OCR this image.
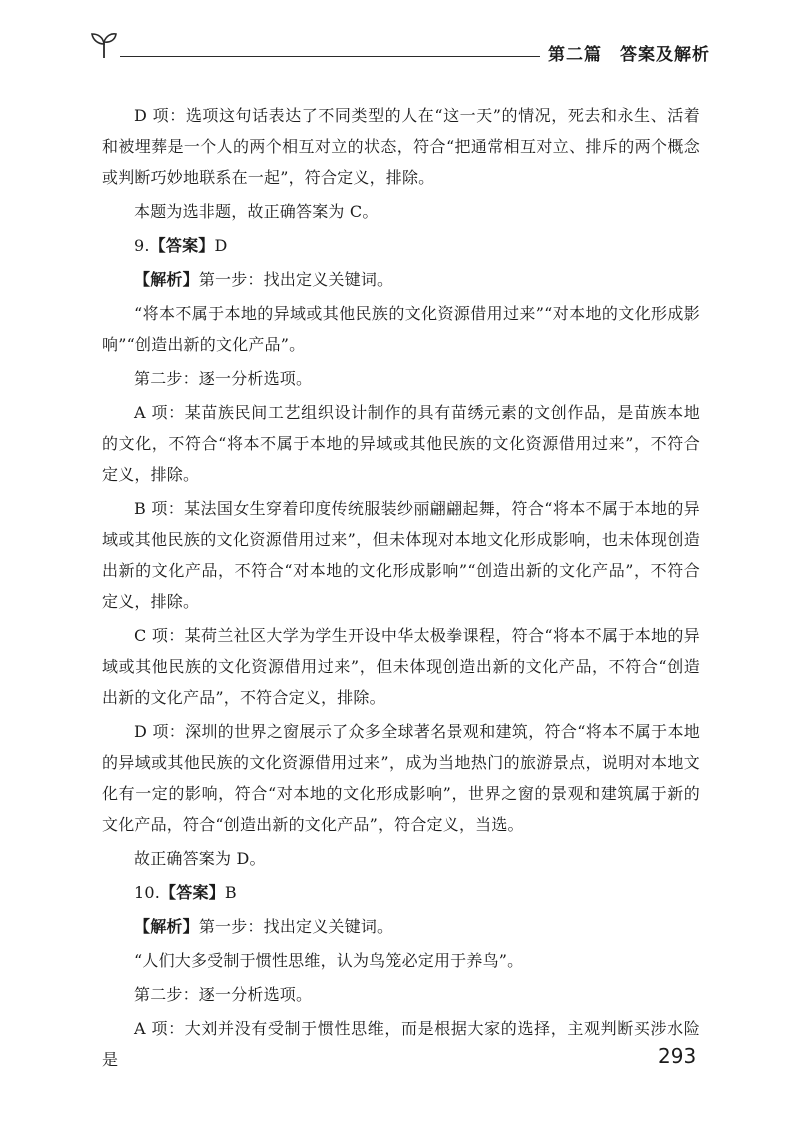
第二篇　答案及解析

D 项：选项这句话表达了不同类型的人在“这一天”的情况，死去和永生、活着和被埋葬是一个人的两个相互对立的状态，符合“把通常相互对立、排斥的两个概念或判断巧妙地联系在一起”，符合定义，排除。

本题为选非题，故正确答案为 C。

9.【答案】D

【解析】第一步：找出定义关键词。

“将本不属于本地的异域或其他民族的文化资源借用过来”“对本地的文化形成影响”“创造出新的文化产品”。

第二步：逐一分析选项。

A 项：某苗族民间工艺组织设计制作的具有苗绣元素的文创作品，是苗族本地的文化，不符合“将本不属于本地的异域或其他民族的文化资源借用过来”，不符合定义，排除。

B 项：某法国女生穿着印度传统服装纱丽翩翩起舞，符合“将本不属于本地的异域或其他民族的文化资源借用过来”，但未体现对本地文化形成影响，也未体现创造出新的文化产品，不符合“对本地的文化形成影响”“创造出新的文化产品”，不符合定义，排除。

C 项：某荷兰社区大学为学生开设中华太极拳课程，符合“将本不属于本地的异域或其他民族的文化资源借用过来”，但未体现创造出新的文化产品，不符合“创造出新的文化产品”，不符合定义，排除。

D 项：深圳的世界之窗展示了众多全球著名景观和建筑，符合“将本不属于本地的异域或其他民族的文化资源借用过来”，成为当地热门的旅游景点，说明对本地文化有一定的影响，符合“对本地的文化形成影响”，世界之窗的景观和建筑属于新的文化产品，符合“创造出新的文化产品”，符合定义，当选。

故正确答案为 D。

10.【答案】B

【解析】第一步：找出定义关键词。

“人们大多受制于惯性思维，认为鸟笼必定用于养鸟”。

第二步：逐一分析选项。

A 项：大刘并没有受制于惯性思维，而是根据大家的选择，主观判断买涉水险是	293
